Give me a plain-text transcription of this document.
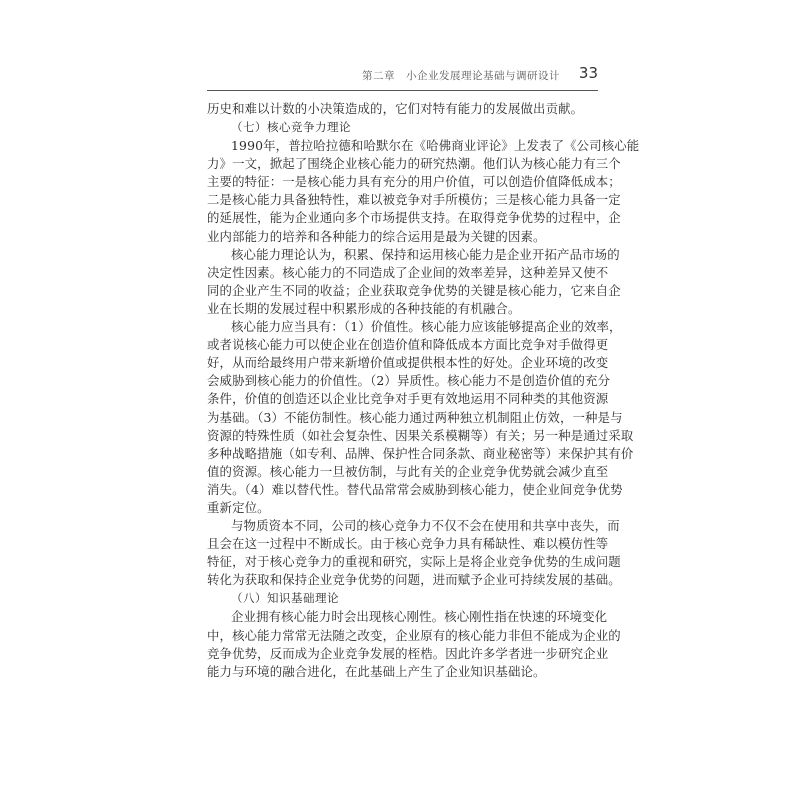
第二章　小企业发展理论基础与调研设计 33
历史和难以计数的小决策造成的，它们对特有能力的发展做出贡献。
（七）核心竞争力理论
1990年，普拉哈拉德和哈默尔在《哈佛商业评论》上发表了《公司核心能
力》一文，掀起了围绕企业核心能力的研究热潮。他们认为核心能力有三个
主要的特征：一是核心能力具有充分的用户价值，可以创造价值降低成本；
二是核心能力具备独特性，难以被竞争对手所模仿；三是核心能力具备一定
的延展性，能为企业通向多个市场提供支持。在取得竞争优势的过程中，企
业内部能力的培养和各种能力的综合运用是最为关键的因素。
核心能力理论认为，积累、保持和运用核心能力是企业开拓产品市场的
决定性因素。核心能力的不同造成了企业间的效率差异，这种差异又使不
同的企业产生不同的收益；企业获取竞争优势的关键是核心能力，它来自企
业在长期的发展过程中积累形成的各种技能的有机融合。
核心能力应当具有：（1）价值性。核心能力应该能够提高企业的效率，
或者说核心能力可以使企业在创造价值和降低成本方面比竞争对手做得更
好，从而给最终用户带来新增价值或提供根本性的好处。企业环境的改变
会威胁到核心能力的价值性。（2）异质性。核心能力不是创造价值的充分
条件，价值的创造还以企业比竞争对手更有效地运用不同种类的其他资源
为基础。（3）不能仿制性。核心能力通过两种独立机制阻止仿效，一种是与
资源的特殊性质（如社会复杂性、因果关系模糊等）有关；另一种是通过采取
多种战略措施（如专利、品牌、保护性合同条款、商业秘密等）来保护其有价
值的资源。核心能力一旦被仿制，与此有关的企业竞争优势就会减少直至
消失。（4）难以替代性。替代品常常会威胁到核心能力，使企业间竞争优势
重新定位。
与物质资本不同，公司的核心竞争力不仅不会在使用和共享中丧失，而
且会在这一过程中不断成长。由于核心竞争力具有稀缺性、难以模仿性等
特征，对于核心竞争力的重视和研究，实际上是将企业竞争优势的生成问题
转化为获取和保持企业竞争优势的问题，进而赋予企业可持续发展的基础。
（八）知识基础理论
企业拥有核心能力时会出现核心刚性。核心刚性指在快速的环境变化
中，核心能力常常无法随之改变，企业原有的核心能力非但不能成为企业的
竞争优势，反而成为企业竞争发展的桎梏。因此许多学者进一步研究企业
能力与环境的融合进化，在此基础上产生了企业知识基础论。
